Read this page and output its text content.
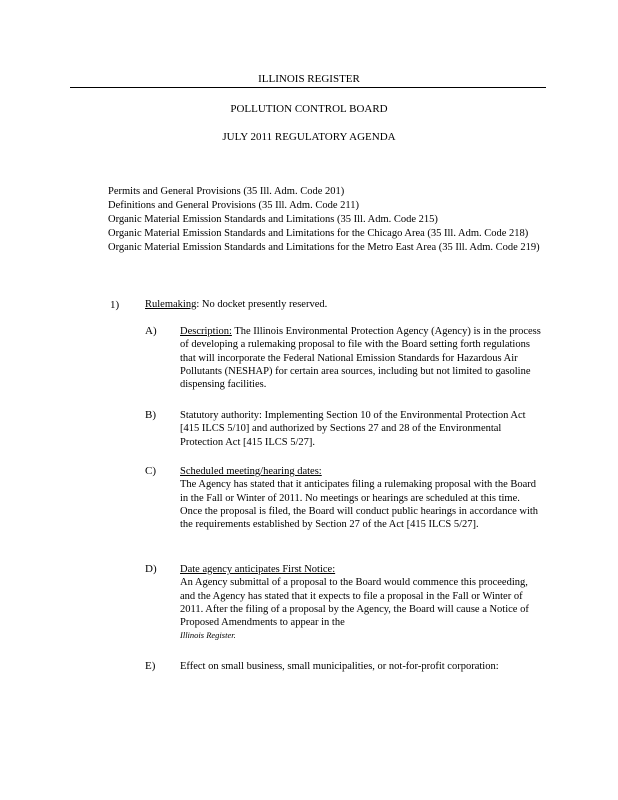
ILLINOIS REGISTER
POLLUTION CONTROL BOARD
JULY 2011 REGULATORY AGENDA
Permits and General Provisions (35 Ill. Adm. Code 201)
Definitions and General Provisions (35 Ill. Adm. Code 211)
Organic Material Emission Standards and Limitations (35 Ill. Adm. Code 215)
Organic Material Emission Standards and Limitations for the Chicago Area (35 Ill. Adm. Code 218)
Organic Material Emission Standards and Limitations for the Metro East Area (35 Ill. Adm. Code 219)
1) Rulemaking: No docket presently reserved.
A) Description: The Illinois Environmental Protection Agency (Agency) is in the process of developing a rulemaking proposal to file with the Board setting forth regulations that will incorporate the Federal National Emission Standards for Hazardous Air Pollutants (NESHAP) for certain area sources, including but not limited to gasoline dispensing facilities.
B) Statutory authority: Implementing Section 10 of the Environmental Protection Act [415 ILCS 5/10] and authorized by Sections 27 and 28 of the Environmental Protection Act [415 ILCS 5/27].
C) Scheduled meeting/hearing dates:
The Agency has stated that it anticipates filing a rulemaking proposal with the Board in the Fall or Winter of 2011. No meetings or hearings are scheduled at this time. Once the proposal is filed, the Board will conduct public hearings in accordance with the requirements established by Section 27 of the Act [415 ILCS 5/27].
D) Date agency anticipates First Notice:
An Agency submittal of a proposal to the Board would commence this proceeding, and the Agency has stated that it expects to file a proposal in the Fall or Winter of 2011. After the filing of a proposal by the Agency, the Board will cause a Notice of Proposed Amendments to appear in the
Illinois Register.
E) Effect on small business, small municipalities, or not-for-profit corporation:
